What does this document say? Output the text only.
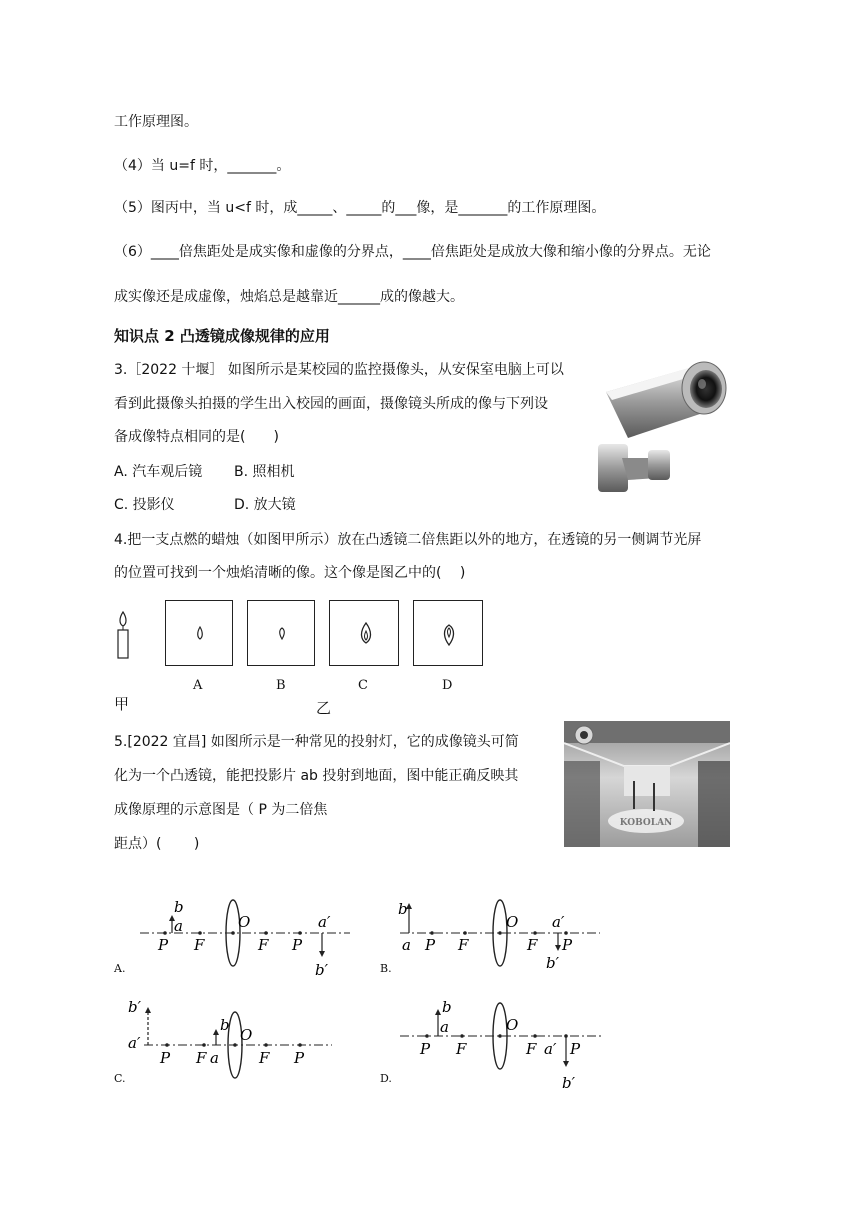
工作原理图。
（4）当 u=f 时，_______。
（5）图丙中，当 u<f 时，成_____、_____的___像，是_______的工作原理图。
（6）____倍焦距处是成实像和虚像的分界点，____倍焦距处是成放大像和缩小像的分界点。无论
成实像还是成虚像，烛焰总是越靠近______成的像越大。
知识点 2 凸透镜成像规律的应用
3.［2022 十堰］ 如图所示是某校园的监控摄像头，从安保室电脑上可以
看到此摄像头拍摄的学生出入校园的画面，摄像镜头所成的像与下列设
备成像特点相同的是(　　)
A. 汽车观后镜 B. 照相机
C. 投影仪	D. 放大镜
4.把一支点燃的蜡烛（如图甲所示）放在凸透镜二倍焦距以外的地方，在透镜的另一侧调节光屏
的位置可找到一个烛焰清晰的像。这个像是图乙中的(　 )
A	B	C	D
甲	乙
5.[2022 宜昌] 如图所示是一种常见的投射灯，它的成像镜头可简
化为一个凸透镜，能把投影片 ab 投射到地面，图中能正确反映其
成像原理的示意图是（ P 为二倍焦
距点）(　　 )
KOBOLAN
b
a
P F
O
F P
a′
b′
A.
b
a P F
O
F P
a′
b′
B.
b′
a′
P F a
b
O
F P
C.
P
b
a
F
O
F a′ P
b′
D.
